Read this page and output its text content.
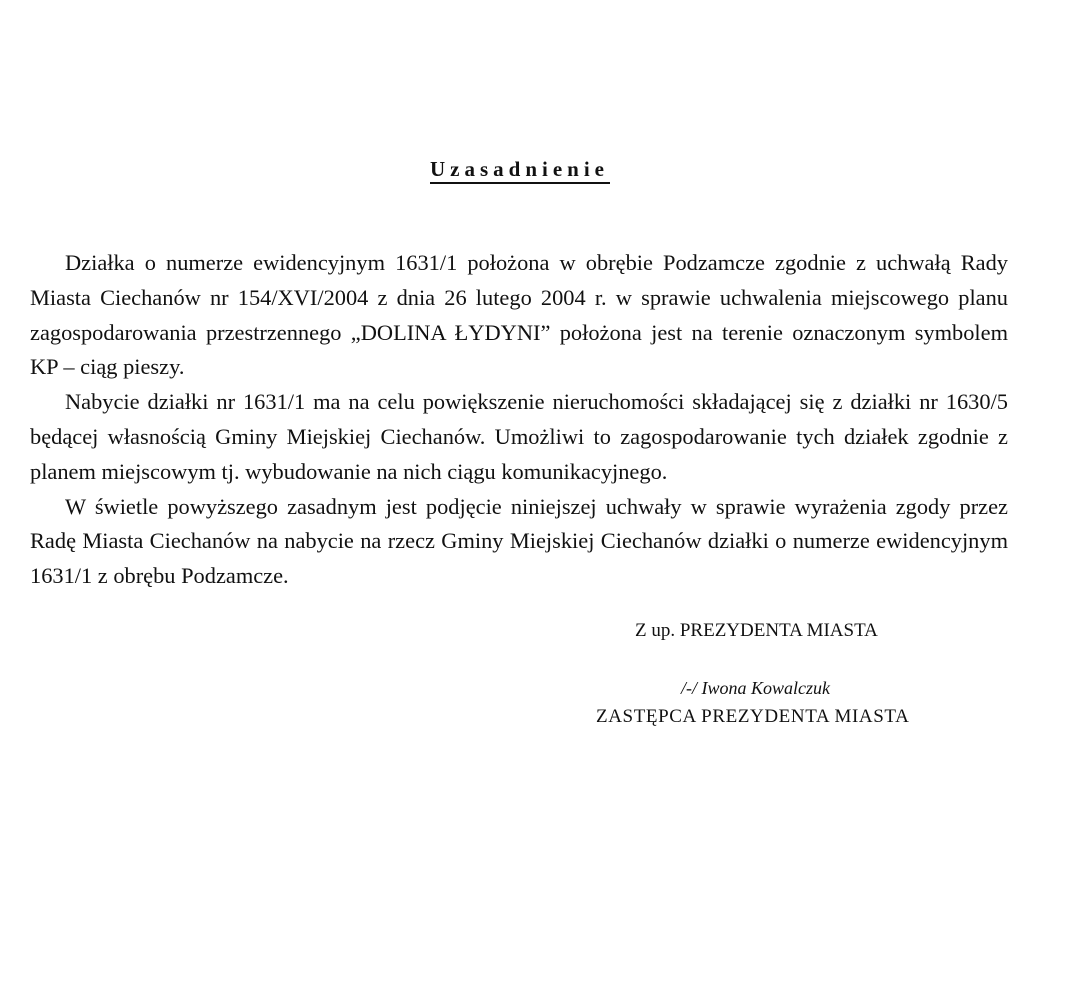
Uzasadnienie

Działka o numerze ewidencyjnym 1631/1 położona w obrębie Podzamcze zgodnie z uchwałą Rady Miasta Ciechanów nr 154/XVI/2004 z dnia 26 lutego 2004 r. w sprawie uchwalenia miejscowego planu zagospodarowania przestrzennego „DOLINA ŁYDYNI” położona jest na terenie oznaczonym symbolem KP – ciąg pieszy.

Nabycie działki nr 1631/1 ma na celu powiększenie nieruchomości składającej się z działki nr 1630/5 będącej własnością Gminy Miejskiej Ciechanów. Umożliwi to zagospodarowanie tych działek zgodnie z planem miejscowym tj. wybudowanie na nich ciągu komunikacyjnego.

W świetle powyższego zasadnym jest podjęcie niniejszej uchwały w sprawie wyrażenia zgody przez Radę Miasta Ciechanów na nabycie na rzecz Gminy Miejskiej Ciechanów działki o numerze ewidencyjnym 1631/1 z obrębu Podzamcze.

Z up. PREZYDENTA MIASTA
/-/ Iwona Kowalczuk
ZASTĘPCA PREZYDENTA MIASTA
